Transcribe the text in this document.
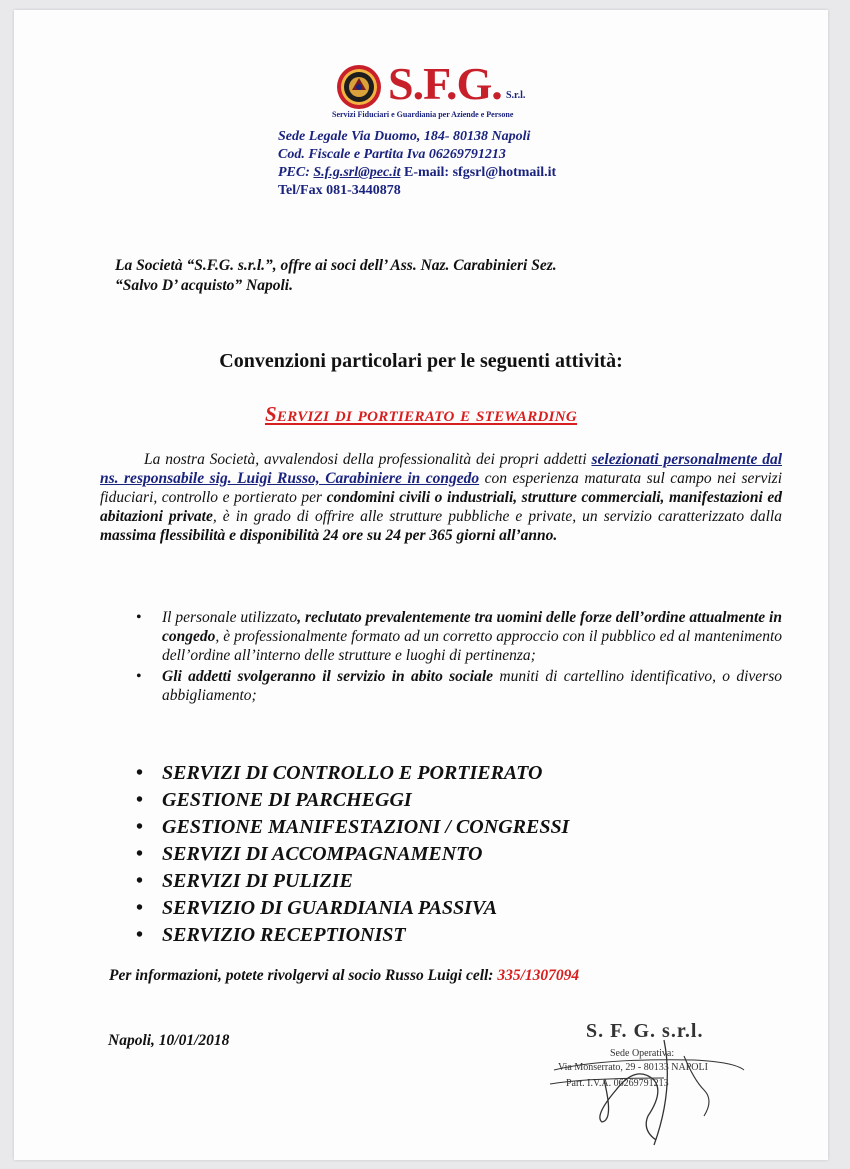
S.F.G. S.r.l.
Servizi Fiduciari e Guardiania per Aziende e Persone
Sede Legale Via Duomo, 184- 80138 Napoli
Cod. Fiscale e Partita Iva 06269791213
PEC: S.f.g.srl@pec.it E-mail: sfgsrl@hotmail.it
Tel/Fax 081-3440878
La Società “S.F.G. s.r.l.”, offre ai soci dell’ Ass. Naz. Carabinieri Sez.
“Salvo D’ acquisto” Napoli.
Convenzioni particolari per le seguenti attività:
Servizi di portierato e stewarding
La nostra Società, avvalendosi della professionalità dei propri addetti selezionati personalmente dal ns. responsabile sig. Luigi Russo, Carabiniere in congedo con esperienza maturata sul campo nei servizi fiduciari, controllo e portierato per condomini civili o industriali, strutture commerciali, manifestazioni ed abitazioni private, è in grado di offrire alle strutture pubbliche e private, un servizio caratterizzato dalla massima flessibilità e disponibilità 24 ore su 24 per 365 giorni all’anno.
• Il personale utilizzato, reclutato prevalentemente tra uomini delle forze dell’ordine attualmente in congedo, è professionalmente formato ad un corretto approccio con il pubblico ed al mantenimento dell’ordine all’interno delle strutture e luoghi di pertinenza;
• Gli addetti svolgeranno il servizio in abito sociale muniti di cartellino identificativo, o diverso abbigliamento;
• SERVIZI DI CONTROLLO E PORTIERATO
• GESTIONE DI PARCHEGGI
• GESTIONE MANIFESTAZIONI / CONGRESSI
• SERVIZI DI ACCOMPAGNAMENTO
• SERVIZI DI PULIZIE
• SERVIZIO DI GUARDIANIA PASSIVA
• SERVIZIO RECEPTIONIST
Per informazioni, potete rivolgervi al socio Russo Luigi cell: 335/1307094
Napoli, 10/01/2018	S. F. G. s.r.l.
Sede Operativa:
Via Monserrato, 29 - 80133 NAPOLI
Part. I.V.A. 06269791213
